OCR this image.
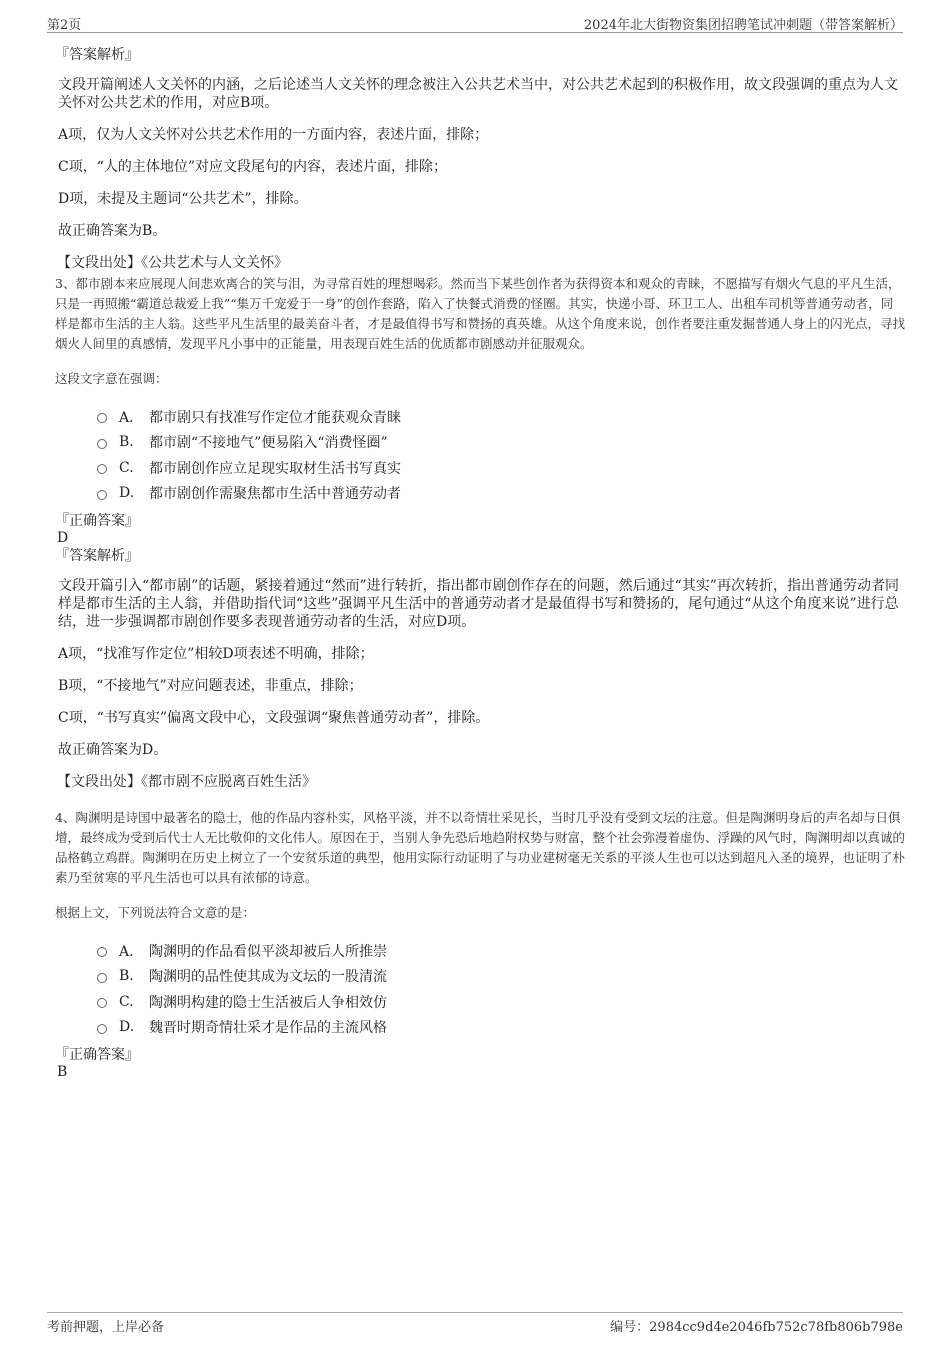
第2页	2024年北大街物资集团招聘笔试冲刺题（带答案解析）
『答案解析』
文段开篇阐述人文关怀的内涵，之后论述当人文关怀的理念被注入公共艺术当中，对公共艺术起到的积极作用，故文段强调的重点为人文关怀对公共艺术的作用，对应B项。
A项，仅为人文关怀对公共艺术作用的一方面内容，表述片面，排除；
C项，“人的主体地位”对应文段尾句的内容，表述片面，排除；
D项，未提及主题词“公共艺术”，排除。
故正确答案为B。
【文段出处】《公共艺术与人文关怀》
3、都市剧本来应展现人间悲欢离合的笑与泪，为寻常百姓的理想喝彩。然而当下某些创作者为获得资本和观众的青睐，不愿描写有烟火气息的平凡生活，只是一再照搬“霸道总裁爱上我”“集万千宠爱于一身”的创作套路，陷入了快餐式消费的怪圈。其实，快递小哥、环卫工人、出租车司机等普通劳动者，同样是都市生活的主人翁。这些平凡生活里的最美奋斗者，才是最值得书写和赞扬的真英雄。从这个角度来说，创作者要注重发掘普通人身上的闪光点，寻找烟火人间里的真感情，发现平凡小事中的正能量，用表现百姓生活的优质都市剧感动并征服观众。
这段文字意在强调：
A． 都市剧只有找准写作定位才能获观众青睐
B.	都市剧“不接地气”便易陷入“消费怪圈”
C.	都市剧创作应立足现实取材生活书写真实
D.	都市剧创作需聚焦都市生活中普通劳动者
『正确答案』
D
『答案解析』
文段开篇引入“都市剧”的话题，紧接着通过“然而”进行转折，指出都市剧创作存在的问题，然后通过“其实”再次转折，指出普通劳动者同样是都市生活的主人翁，并借助指代词“这些”强调平凡生活中的普通劳动者才是最值得书写和赞扬的，尾句通过“从这个角度来说”进行总结，进一步强调都市剧创作要多表现普通劳动者的生活，对应D项。
A项，“找准写作定位”相较D项表述不明确，排除；
B项，“不接地气”对应问题表述，非重点，排除；
C项，“书写真实”偏离文段中心，文段强调“聚焦普通劳动者”，排除。
故正确答案为D。
【文段出处】《都市剧不应脱离百姓生活》
4、陶渊明是诗国中最著名的隐士，他的作品内容朴实，风格平淡，并不以奇情壮采见长，当时几乎没有受到文坛的注意。但是陶渊明身后的声名却与日俱增，最终成为受到后代士人无比敬仰的文化伟人。原因在于，当别人争先恐后地趋附权势与财富，整个社会弥漫着虚伪、浮躁的风气时，陶渊明却以真诚的品格鹤立鸡群。陶渊明在历史上树立了一个安贫乐道的典型，他用实际行动证明了与功业建树毫无关系的平淡人生也可以达到超凡入圣的境界，也证明了朴素乃至贫寒的平凡生活也可以具有浓郁的诗意。
根据上文，下列说法符合文意的是：
A． 陶渊明的作品看似平淡却被后人所推崇
B.	陶渊明的品性使其成为文坛的一股清流
C.	陶渊明构建的隐士生活被后人争相效仿
D.	魏晋时期奇情壮采才是作品的主流风格
『正确答案』
B
考前押题，上岸必备	编号：2984cc9d4e2046fb752c78fb806b798e
